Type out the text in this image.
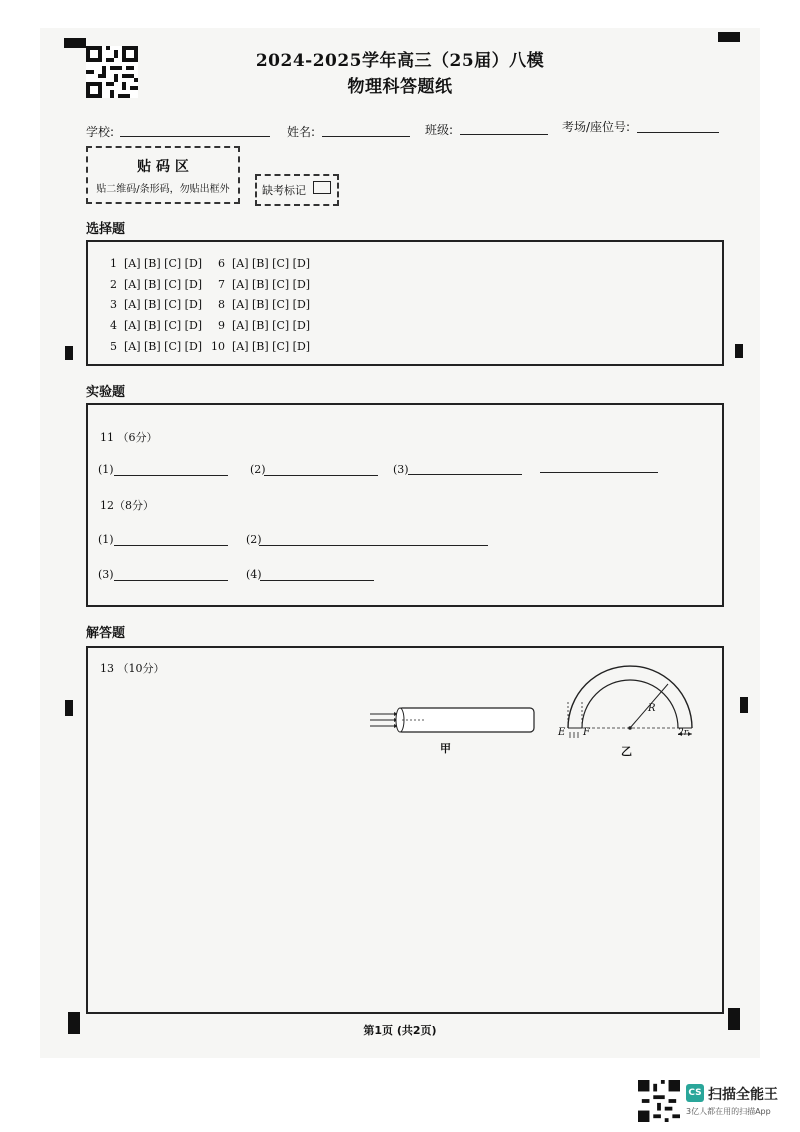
2024-2025学年高三（25届）八模
物理科答题纸
学校:	姓名:	班级:	考场/座位号:
贴 码 区
贴二维码/条形码，勿贴出框外	缺考标记
选择题
1  [A] [B] [C] [D]
2  [A] [B] [C] [D]
3  [A] [B] [C] [D]
4  [A] [B] [C] [D]
5  [A] [B] [C] [D]
6  [A] [B] [C] [D]
7  [A] [B] [C] [D]
8  [A] [B] [C] [D]
9  [A] [B] [C] [D]
10  [A] [B] [C] [D]
实验题
11 （6分）
(1)	(2)	(3)
12（8分）
(1)	(2)
(3)	(4)
解答题
13 （10分）
甲
R
E F	2r
乙
第1页 (共2页)
CS 扫描全能王
3亿人都在用的扫描App
